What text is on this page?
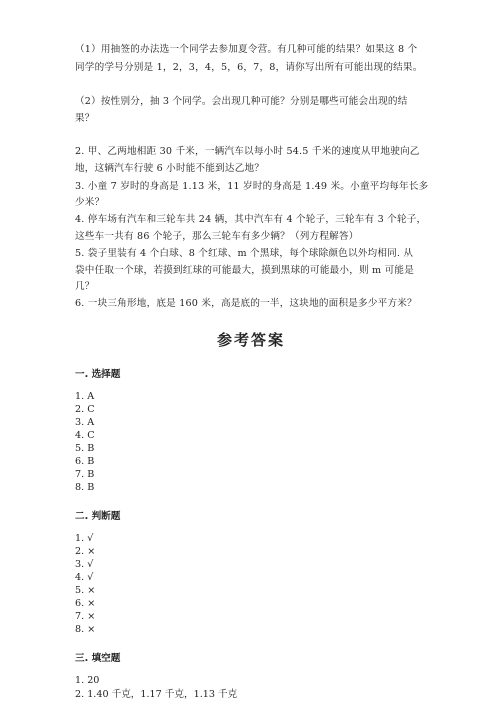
（1）用抽签的办法选一个同学去参加夏令营。有几种可能的结果？如果这 8 个
同学的学号分别是 1，2，3，4，5，6，7，8，请你写出所有可能出现的结果。
（2）按性别分，抽 3 个同学。会出现几种可能？分别是哪些可能会出现的结
果？
2. 甲、乙两地相距 30 千米，一辆汽车以每小时 54.5 千米的速度从甲地驶向乙
地，这辆汽车行驶 6 小时能不能到达乙地？
3. 小童 7 岁时的身高是 1.13 米，11 岁时的身高是 1.49 米。小童平均每年长多
少米？
4. 停车场有汽车和三轮车共 24 辆，其中汽车有 4 个轮子，三轮车有 3 个轮子，
这些车一共有 86 个轮子，那么三轮车有多少辆？（列方程解答）
5. 袋子里装有 4 个白球、8 个红球、m 个黑球，每个球除颜色以外均相同. 从
袋中任取一个球，若摸到红球的可能最大，摸到黑球的可能最小，则 m 可能是
几？
6. 一块三角形地，底是 160 米，高是底的一半，这块地的面积是多少平方米？
参考答案
一. 选择题
1. A
2. C
3. A
4. C
5. B
6. B
7. B
8. B
二. 判断题
1. √
2. ×
3. √
4. √
5. ×
6. ×
7. ×
8. ×
三. 填空题
1. 20
2. 1.40 千克，1.17 千克，1.13 千克
